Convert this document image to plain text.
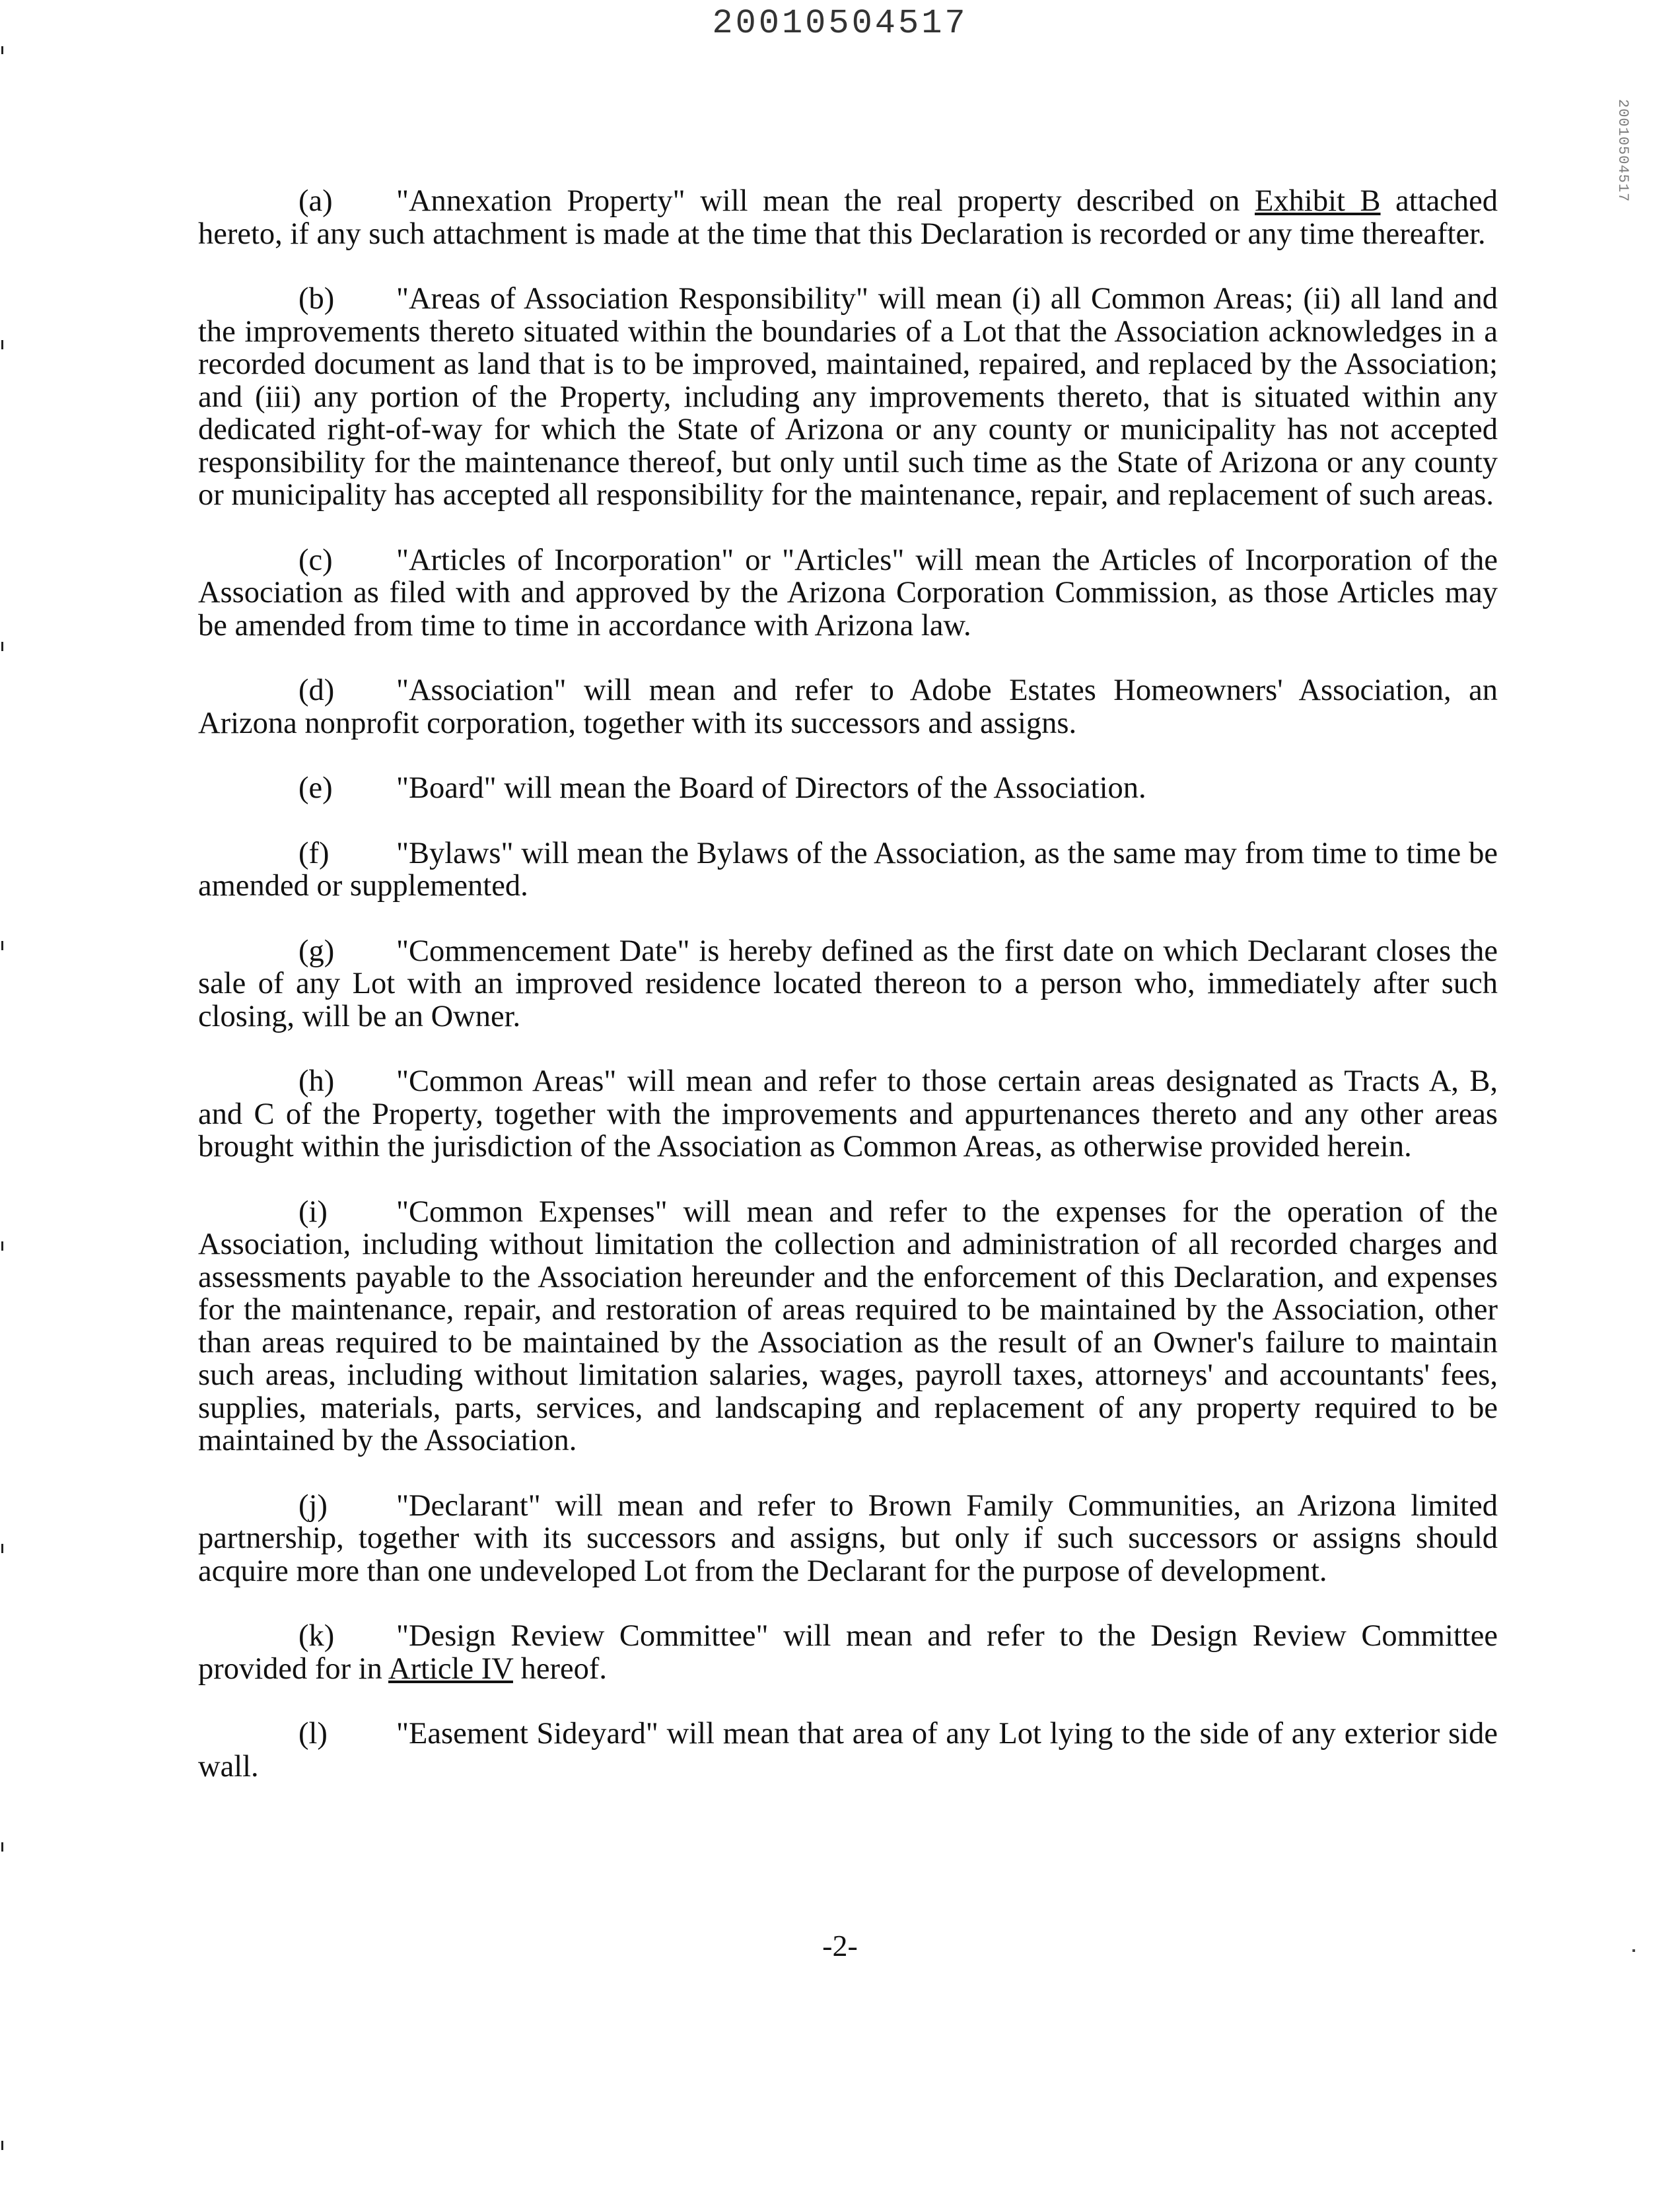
20010504517
20010504517

(a) "Annexation Property" will mean the real property described on Exhibit B attached hereto, if any such attachment is made at the time that this Declaration is recorded or any time thereafter.

(b) "Areas of Association Responsibility" will mean (i) all Common Areas; (ii) all land and the improvements thereto situated within the boundaries of a Lot that the Association acknowledges in a recorded document as land that is to be improved, maintained, repaired, and replaced by the Association; and (iii) any portion of the Property, including any improvements thereto, that is situated within any dedicated right-of-way for which the State of Arizona or any county or municipality has not accepted responsibility for the maintenance thereof, but only until such time as the State of Arizona or any county or municipality has accepted all responsibility for the maintenance, repair, and replacement of such areas.

(c) "Articles of Incorporation" or "Articles" will mean the Articles of Incorporation of the Association as filed with and approved by the Arizona Corporation Commission, as those Articles may be amended from time to time in accordance with Arizona law.

(d) "Association" will mean and refer to Adobe Estates Homeowners' Association, an Arizona nonprofit corporation, together with its successors and assigns.

(e) "Board" will mean the Board of Directors of the Association.

(f) "Bylaws" will mean the Bylaws of the Association, as the same may from time to time be amended or supplemented.

(g) "Commencement Date" is hereby defined as the first date on which Declarant closes the sale of any Lot with an improved residence located thereon to a person who, immediately after such closing, will be an Owner.

(h) "Common Areas" will mean and refer to those certain areas designated as Tracts A, B, and C of the Property, together with the improvements and appurtenances thereto and any other areas brought within the jurisdiction of the Association as Common Areas, as otherwise provided herein.

(i) "Common Expenses" will mean and refer to the expenses for the operation of the Association, including without limitation the collection and administration of all recorded charges and assessments payable to the Association hereunder and the enforcement of this Declaration, and expenses for the maintenance, repair, and restoration of areas required to be maintained by the Association, other than areas required to be maintained by the Association as the result of an Owner's failure to maintain such areas, including without limitation salaries, wages, payroll taxes, attorneys' and accountants' fees, supplies, materials, parts, services, and landscaping and replacement of any property required to be maintained by the Association.

(j) "Declarant" will mean and refer to Brown Family Communities, an Arizona limited partnership, together with its successors and assigns, but only if such successors or assigns should acquire more than one undeveloped Lot from the Declarant for the purpose of development.

(k) "Design Review Committee" will mean and refer to the Design Review Committee provided for in Article IV hereof.

(l) "Easement Sideyard" will mean that area of any Lot lying to the side of any exterior side wall.

-2-
